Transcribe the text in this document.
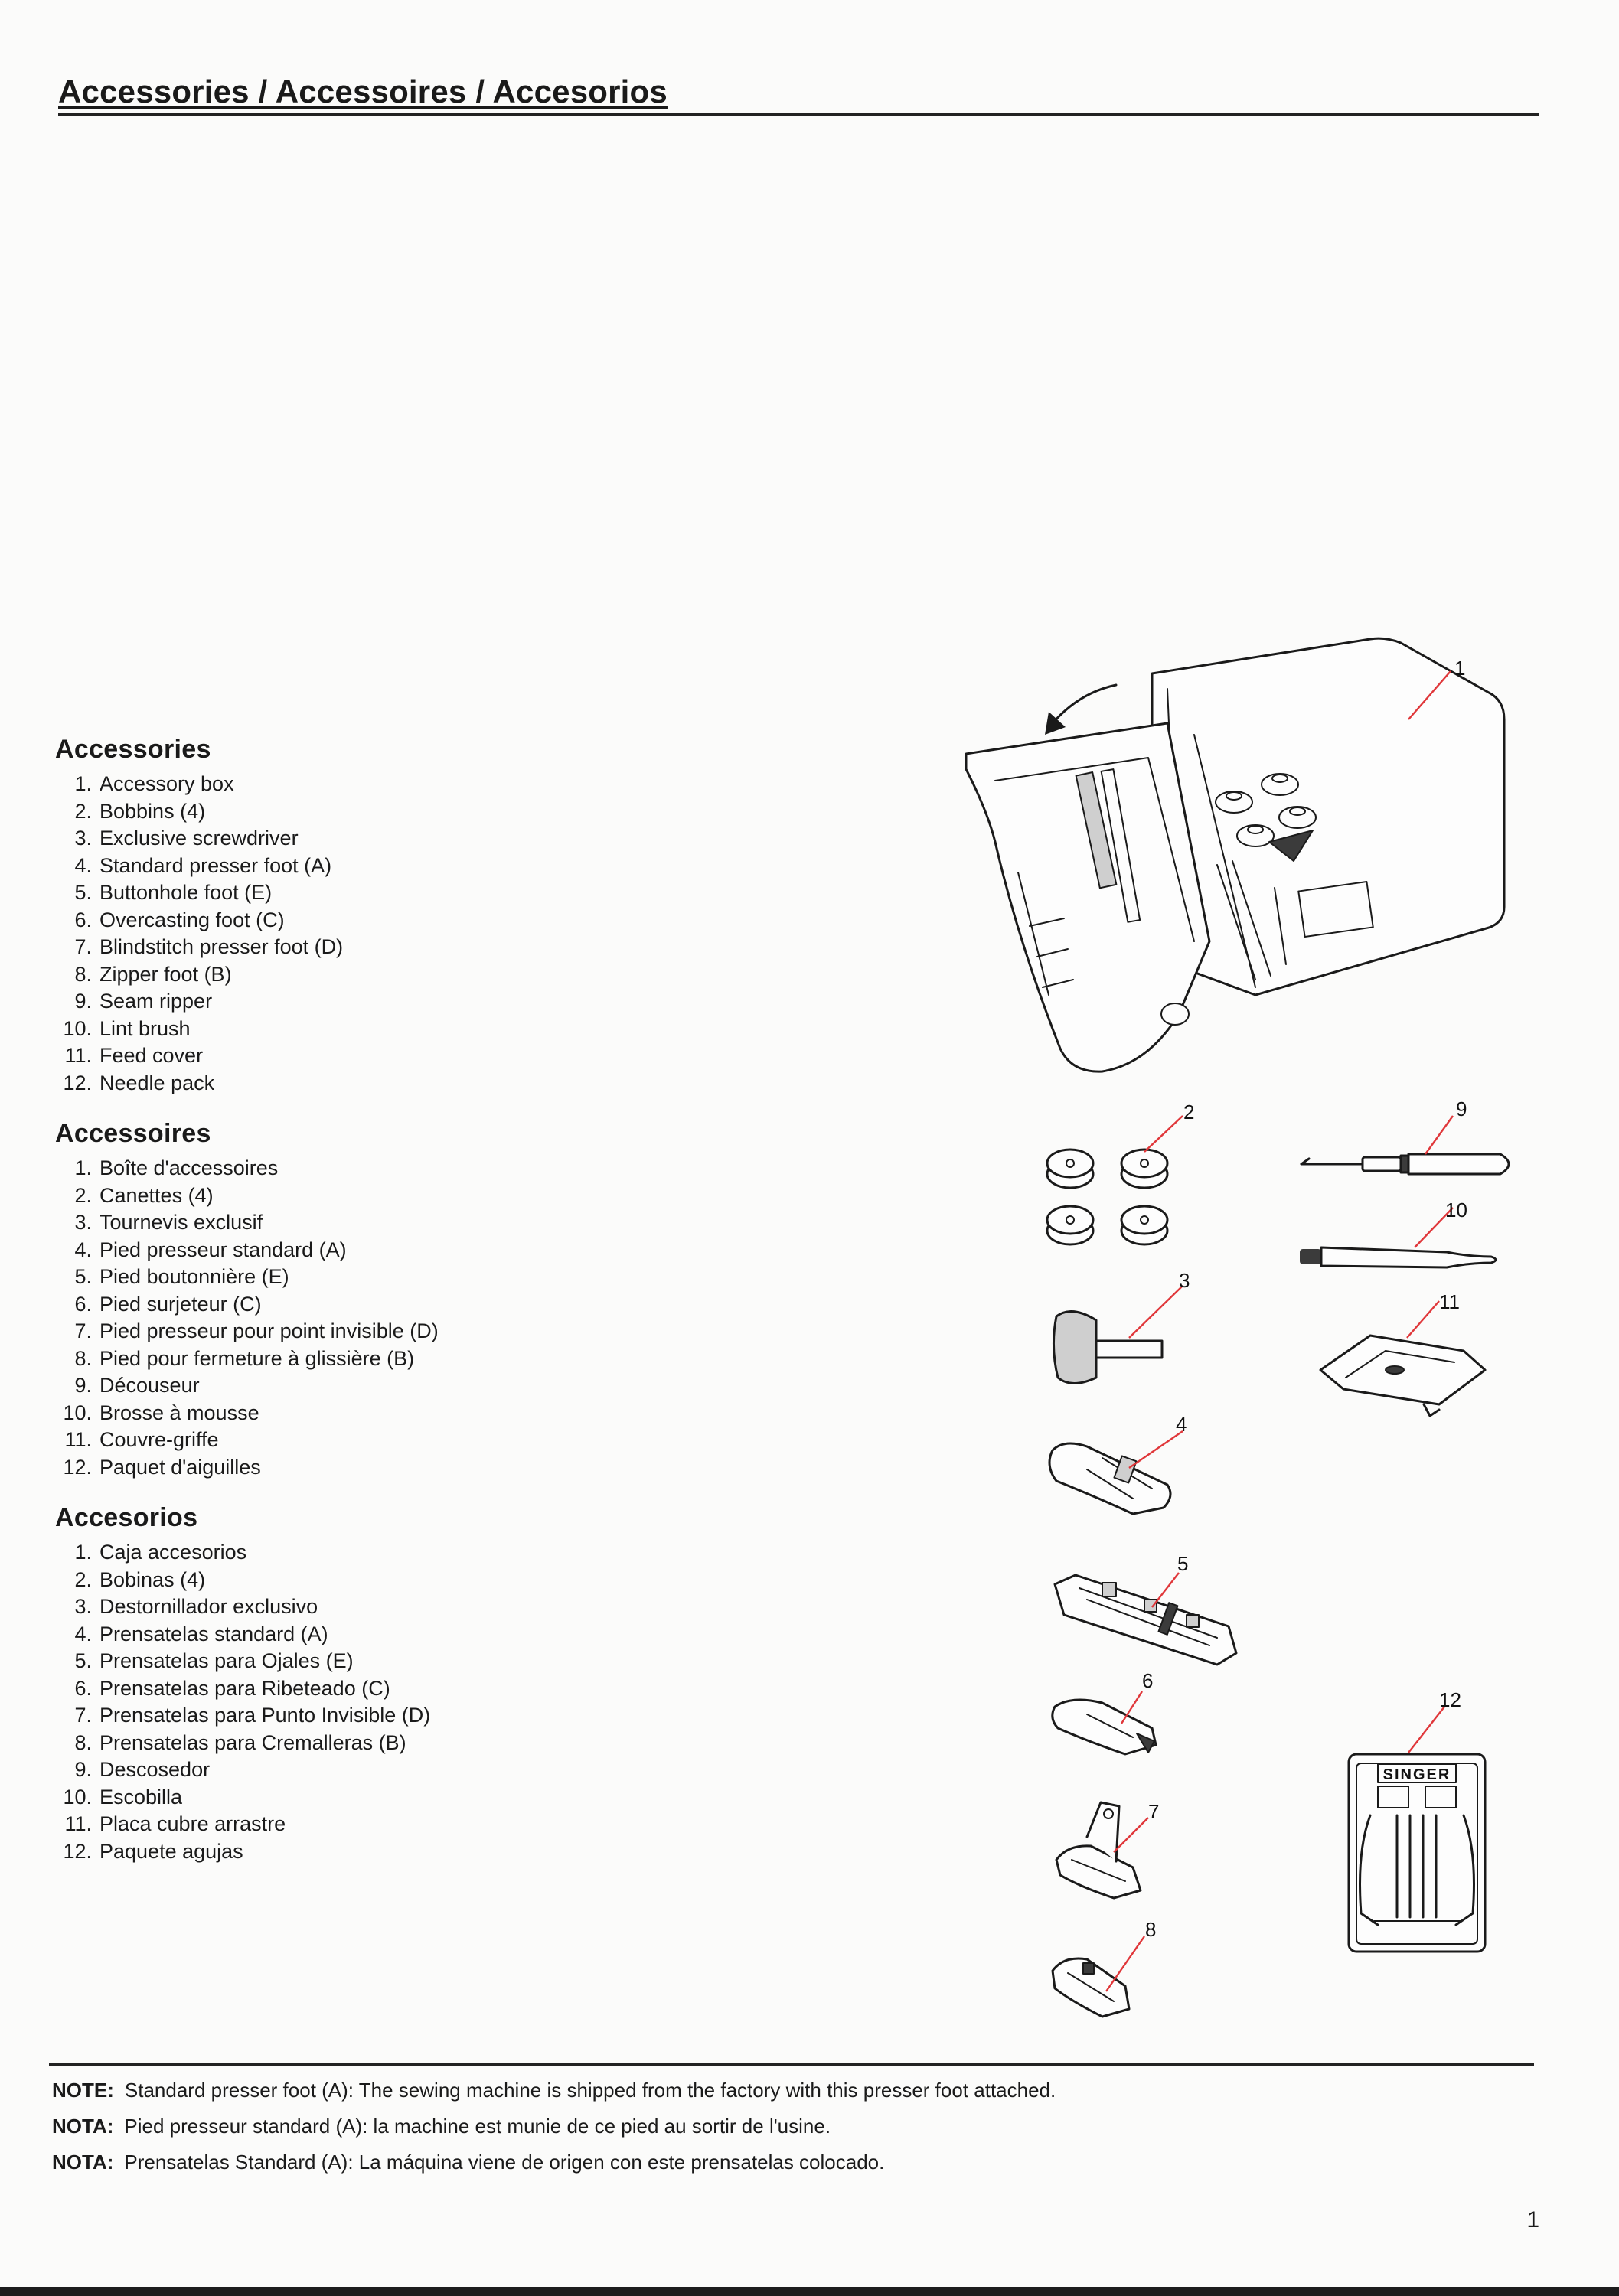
Accessories / Accessoires / Accesorios
Accessories
1. Accessory box
2. Bobbins (4)
3. Exclusive screwdriver
4. Standard presser foot (A)
5. Buttonhole foot (E)
6. Overcasting foot (C)
7. Blindstitch presser foot (D)
8. Zipper foot (B)
9. Seam ripper
10. Lint brush
11. Feed cover
12. Needle pack
Accessoires
1. Boîte d'accessoires
2. Canettes (4)
3. Tournevis exclusif
4. Pied presseur standard (A)
5. Pied boutonnière (E)
6. Pied surjeteur (C)
7. Pied presseur pour point invisible (D)
8. Pied pour fermeture à glissière (B)
9. Découseur
10. Brosse à mousse
11. Couvre-griffe
12. Paquet d'aiguilles
Accesorios
1. Caja accesorios
2. Bobinas (4)
3. Destornillador exclusivo
4. Prensatelas standard (A)
5. Prensatelas para Ojales (E)
6. Prensatelas para Ribeteado (C)
7. Prensatelas para Punto Invisible (D)
8. Prensatelas para Cremalleras (B)
9. Descosedor
10. Escobilla
11. Placa cubre arrastre
12. Paquete agujas
SINGER
1
2
3
4
5
6
7
8
9
10
11
12
NOTE: Standard presser foot (A): The sewing machine is shipped from the factory with this presser foot attached.
NOTA: Pied presseur standard (A): la machine est munie de ce pied au sortir de l'usine.
NOTA: Prensatelas Standard (A): La máquina viene de origen con este prensatelas colocado.
1
